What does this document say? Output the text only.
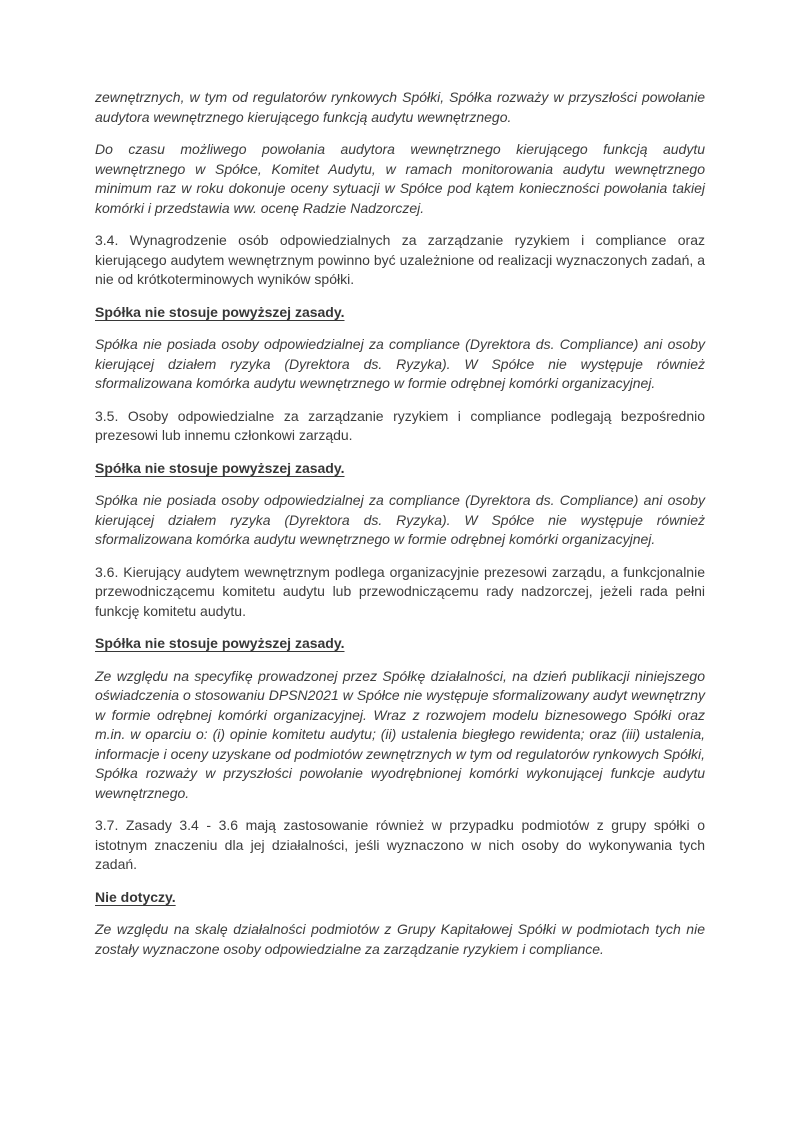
zewnętrznych, w tym od regulatorów rynkowych Spółki, Spółka rozważy w przyszłości powołanie audytora wewnętrznego kierującego funkcją audytu wewnętrznego.

Do czasu możliwego powołania audytora wewnętrznego kierującego funkcją audytu wewnętrznego w Spółce, Komitet Audytu, w ramach monitorowania audytu wewnętrznego minimum raz w roku dokonuje oceny sytuacji w Spółce pod kątem konieczności powołania takiej komórki i przedstawia ww. ocenę Radzie Nadzorczej.

3.4. Wynagrodzenie osób odpowiedzialnych za zarządzanie ryzykiem i compliance oraz kierującego audytem wewnętrznym powinno być uzależnione od realizacji wyznaczonych zadań, a nie od krótkoterminowych wyników spółki.

Spółka nie stosuje powyższej zasady.

Spółka nie posiada osoby odpowiedzialnej za compliance (Dyrektora ds. Compliance) ani osoby kierującej działem ryzyka (Dyrektora ds. Ryzyka). W Spółce nie występuje również sformalizowana komórka audytu wewnętrznego w formie odrębnej komórki organizacyjnej.

3.5. Osoby odpowiedzialne za zarządzanie ryzykiem i compliance podlegają bezpośrednio prezesowi lub innemu członkowi zarządu.

Spółka nie stosuje powyższej zasady.

Spółka nie posiada osoby odpowiedzialnej za compliance (Dyrektora ds. Compliance) ani osoby kierującej działem ryzyka (Dyrektora ds. Ryzyka). W Spółce nie występuje również sformalizowana komórka audytu wewnętrznego w formie odrębnej komórki organizacyjnej.

3.6. Kierujący audytem wewnętrznym podlega organizacyjnie prezesowi zarządu, a funkcjonalnie przewodniczącemu komitetu audytu lub przewodniczącemu rady nadzorczej, jeżeli rada pełni funkcję komitetu audytu.

Spółka nie stosuje powyższej zasady.

Ze względu na specyfikę prowadzonej przez Spółkę działalności, na dzień publikacji niniejszego oświadczenia o stosowaniu DPSN2021 w Spółce nie występuje sformalizowany audyt wewnętrzny w formie odrębnej komórki organizacyjnej. Wraz z rozwojem modelu biznesowego Spółki oraz m.in. w oparciu o: (i) opinie komitetu audytu; (ii) ustalenia biegłego rewidenta; oraz (iii) ustalenia, informacje i oceny uzyskane od podmiotów zewnętrznych w tym od regulatorów rynkowych Spółki, Spółka rozważy w przyszłości powołanie wyodrębnionej komórki wykonującej funkcje audytu wewnętrznego.

3.7. Zasady 3.4 - 3.6 mają zastosowanie również w przypadku podmiotów z grupy spółki o istotnym znaczeniu dla jej działalności, jeśli wyznaczono w nich osoby do wykonywania tych zadań.

Nie dotyczy.

Ze względu na skalę działalności podmiotów z Grupy Kapitałowej Spółki w podmiotach tych nie zostały wyznaczone osoby odpowiedzialne za zarządzanie ryzykiem i compliance.
